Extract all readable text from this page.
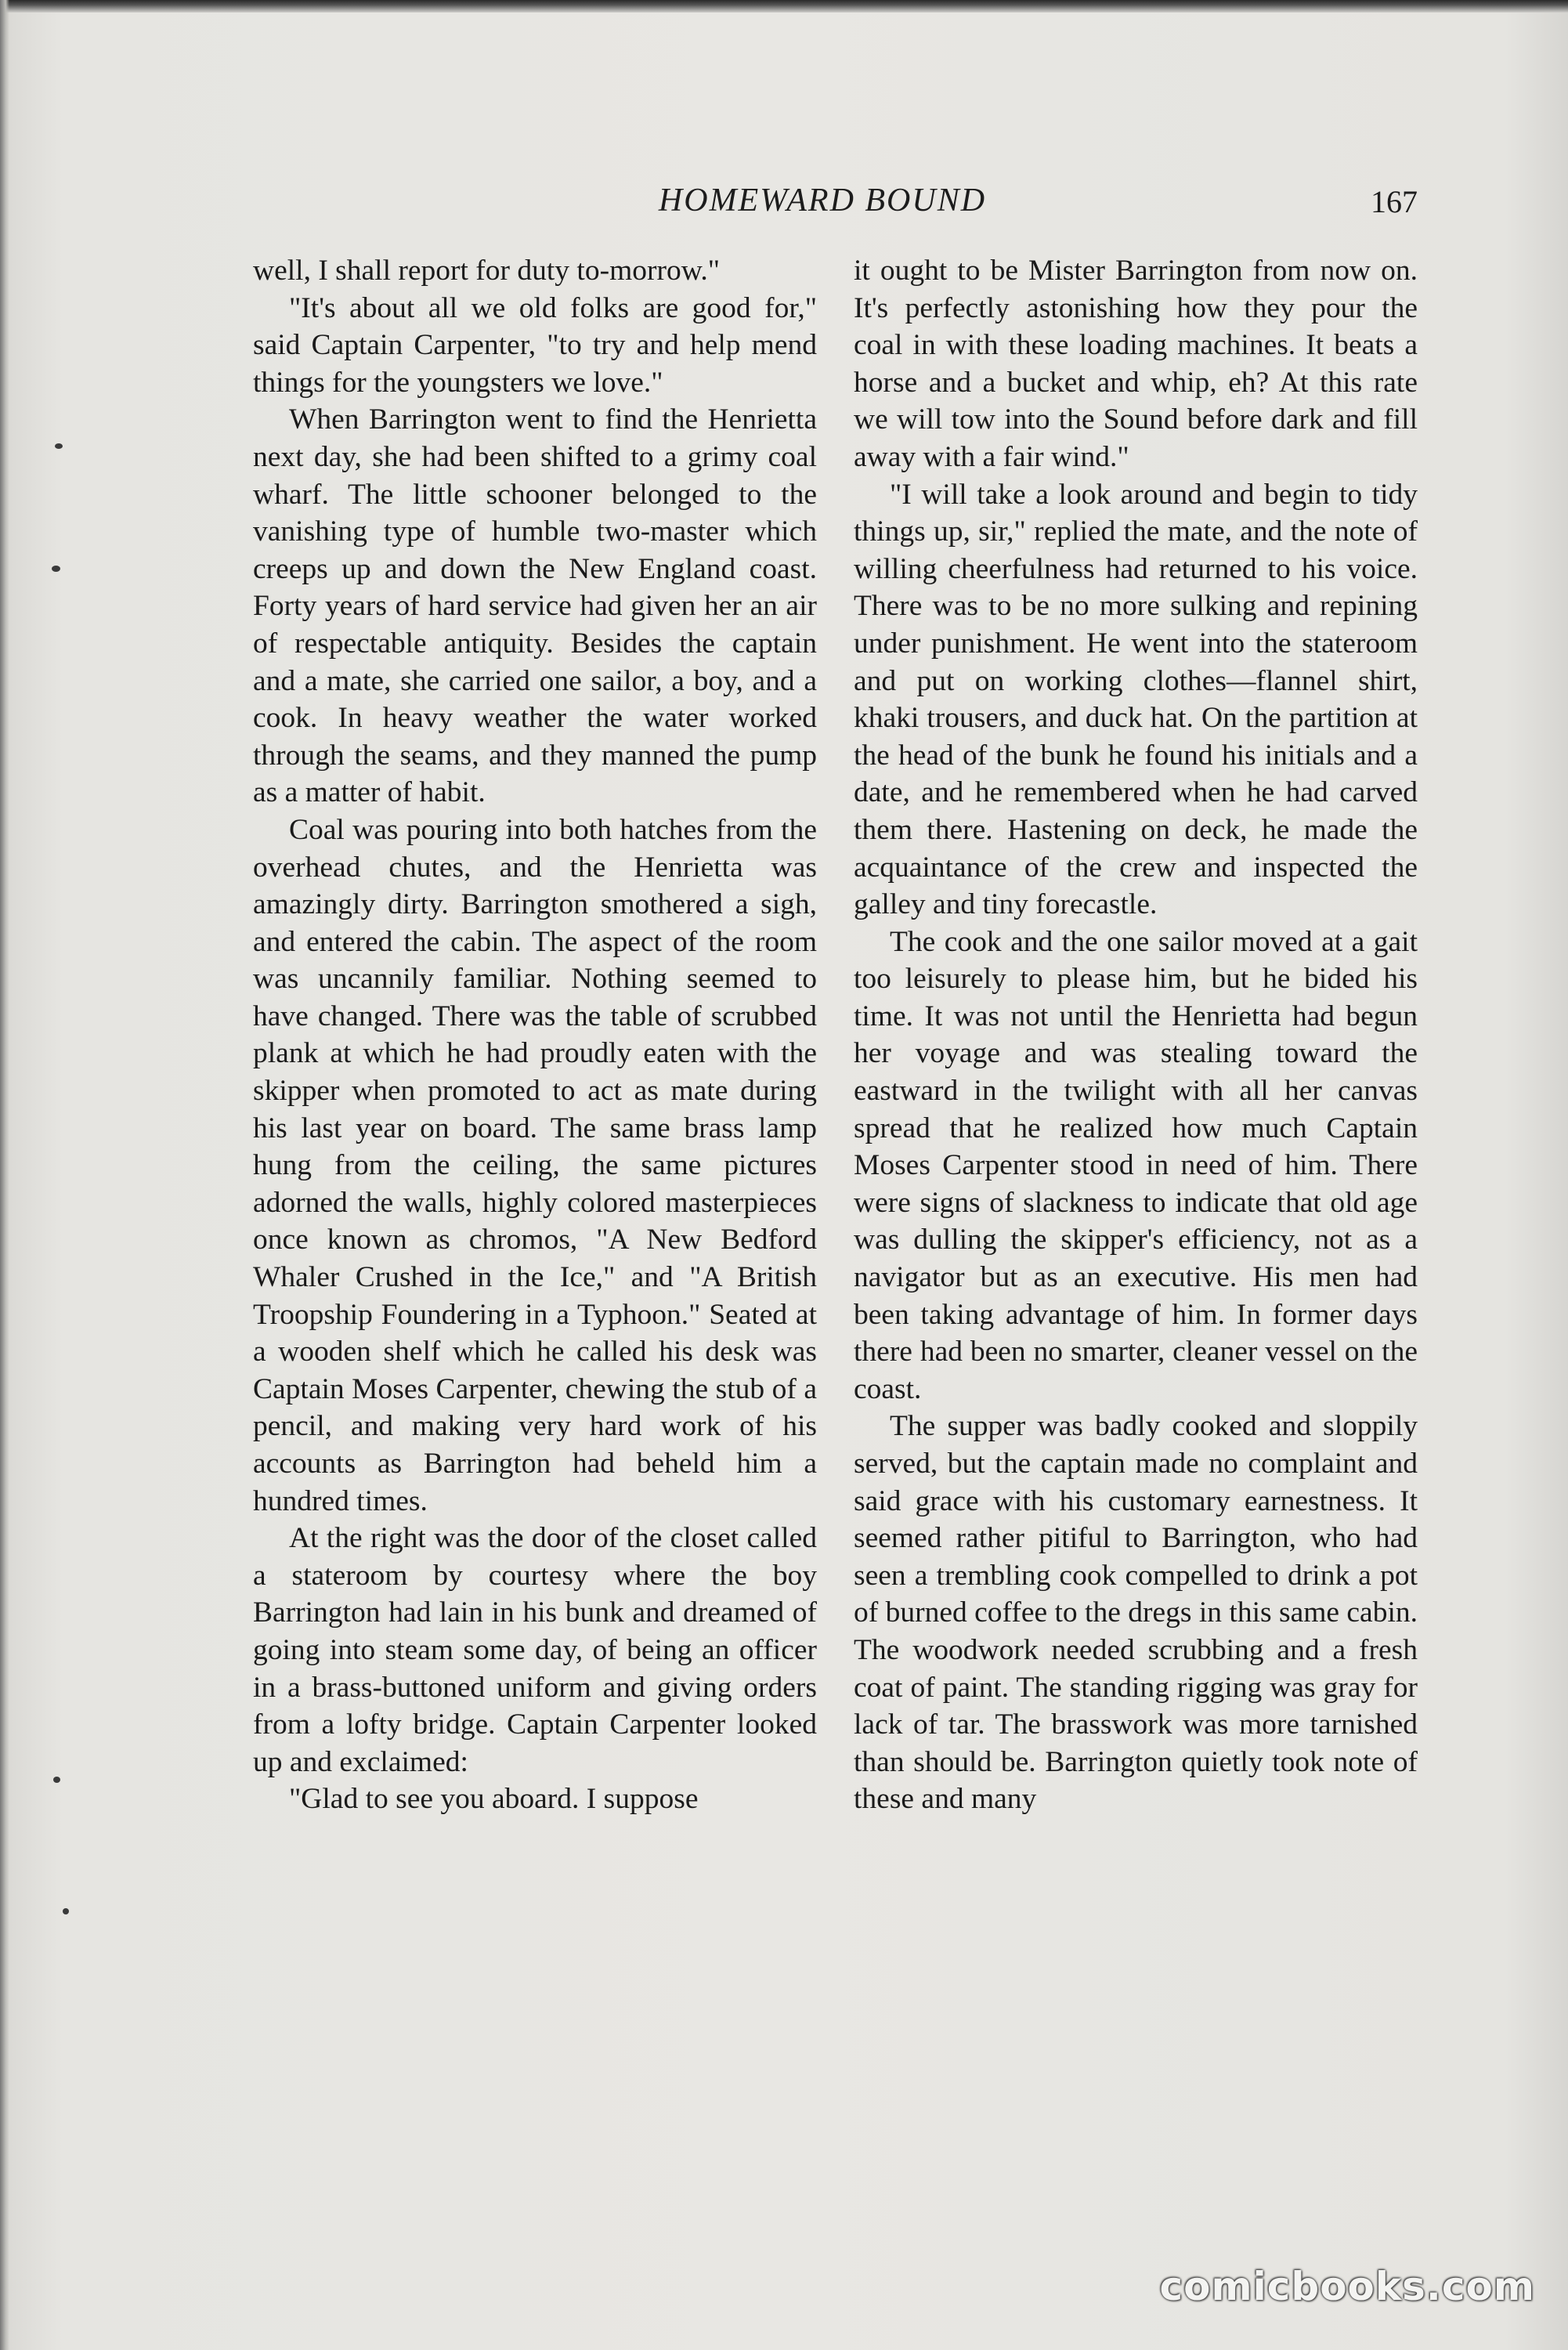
HOMEWARD BOUND	167

well, I shall report for duty to-morrow."

"It's about all we old folks are good for," said Captain Carpenter, "to try and help mend things for the youngsters we love."

When Barrington went to find the Henrietta next day, she had been shifted to a grimy coal wharf. The little schooner belonged to the vanishing type of humble two-master which creeps up and down the New England coast. Forty years of hard service had given her an air of respectable antiquity. Besides the captain and a mate, she carried one sailor, a boy, and a cook. In heavy weather the water worked through the seams, and they manned the pump as a matter of habit.

Coal was pouring into both hatches from the overhead chutes, and the Henrietta was amazingly dirty. Barrington smothered a sigh, and entered the cabin. The aspect of the room was uncannily familiar. Nothing seemed to have changed. There was the table of scrubbed plank at which he had proudly eaten with the skipper when promoted to act as mate during his last year on board. The same brass lamp hung from the ceiling, the same pictures adorned the walls, highly colored masterpieces once known as chromos, "A New Bedford Whaler Crushed in the Ice," and "A British Troopship Foundering in a Typhoon." Seated at a wooden shelf which he called his desk was Captain Moses Carpenter, chewing the stub of a pencil, and making very hard work of his accounts as Barrington had beheld him a hundred times.

At the right was the door of the closet called a stateroom by courtesy where the boy Barrington had lain in his bunk and dreamed of going into steam some day, of being an officer in a brass-buttoned uniform and giving orders from a lofty bridge. Captain Carpenter looked up and exclaimed:

"Glad to see you aboard. I suppose

it ought to be Mister Barrington from now on. It's perfectly astonishing how they pour the coal in with these loading machines. It beats a horse and a bucket and whip, eh? At this rate we will tow into the Sound before dark and fill away with a fair wind."

"I will take a look around and begin to tidy things up, sir," replied the mate, and the note of willing cheerfulness had returned to his voice. There was to be no more sulking and repining under punishment. He went into the stateroom and put on working clothes—flannel shirt, khaki trousers, and duck hat. On the partition at the head of the bunk he found his initials and a date, and he remembered when he had carved them there. Hastening on deck, he made the acquaintance of the crew and inspected the galley and tiny forecastle.

The cook and the one sailor moved at a gait too leisurely to please him, but he bided his time. It was not until the Henrietta had begun her voyage and was stealing toward the eastward in the twilight with all her canvas spread that he realized how much Captain Moses Carpenter stood in need of him. There were signs of slackness to indicate that old age was dulling the skipper's efficiency, not as a navigator but as an executive. His men had been taking advantage of him. In former days there had been no smarter, cleaner vessel on the coast.

The supper was badly cooked and sloppily served, but the captain made no complaint and said grace with his customary earnestness. It seemed rather pitiful to Barrington, who had seen a trembling cook compelled to drink a pot of burned coffee to the dregs in this same cabin. The woodwork needed scrubbing and a fresh coat of paint. The standing rigging was gray for lack of tar. The brasswork was more tarnished than should be. Barrington quietly took note of these and many

comicbooks.com
